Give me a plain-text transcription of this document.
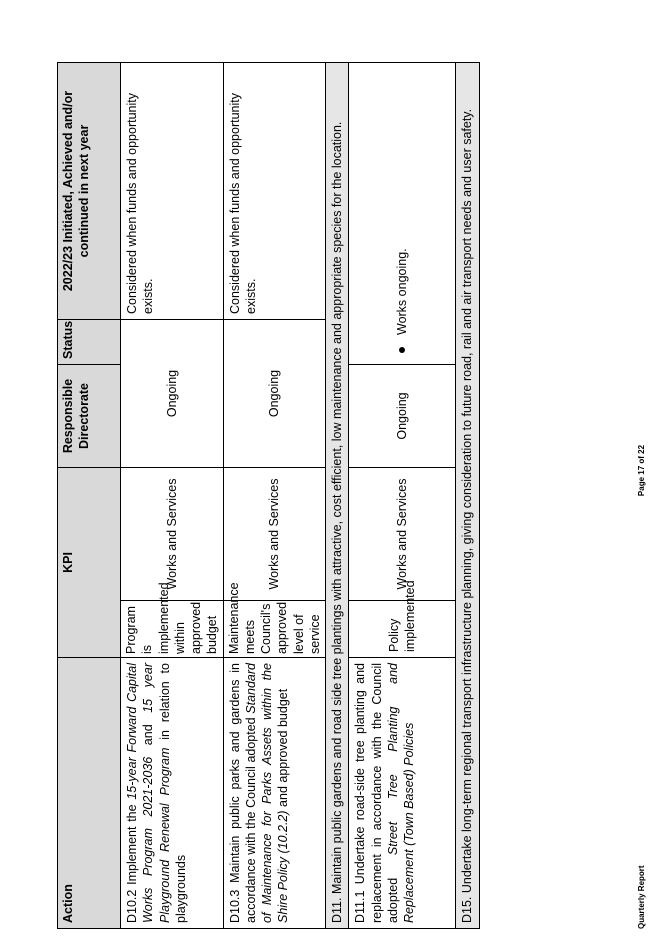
Action	KPI		Responsible Directorate	Status	2022/23 Initiated, Achieved and/or continued in next year
D10.2 Implement the 15-year Forward Capital Works Program 2021-2036 and 15 year Playground Renewal Program in relation to playgrounds	Program is implemented within approved budget	Works and Services	Ongoing		Considered when funds and opportunity exists.
D10.3 Maintain public parks and gardens in accordance with the Council adopted Standard of Maintenance for Parks Assets within the Shire Policy (10.2.2) and approved budget	Maintenance meets Council's approved level of service	Works and Services	Ongoing		Considered when funds and opportunity exists.
D11. Maintain public gardens and road side tree plantings with attractive, cost efficient, low maintenance and appropriate species for the location.					
D11.1 Undertake road-side tree planting and replacement in accordance with the Council adopted Street Tree Planting and Replacement (Town Based) Policies	Policy implemented	Works and Services	Ongoing	Works ongoing.	
D15. Undertake long-term regional transport infrastructure planning, giving consideration to future road, rail and air transport needs and user safety.						Quarterly Report
Page 17 of 22
